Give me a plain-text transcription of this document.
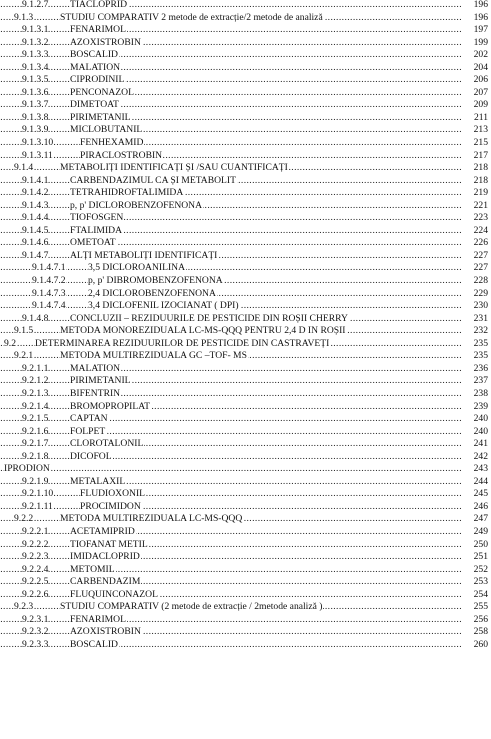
.....
9.1.2.7 TIACLOPRID	196
.....
9.1.3	STUDIU COMPARATIV 2 metode de extracție/2 metode de analiză	196
.....
9.1.3.1 FENARIMOL	197
.....
9.1.3.2 AZOXISTROBIN	199
.....
9.1.3.3 BOSCALID	202
.....
9.1.3.4 MALATION	204
.....
9.1.3.5 CIPRODINIL	206
.....
9.1.3.6 PENCONAZOL	207
.....
9.1.3.7 DIMETOAT	209
.....
9.1.3.8 PIRIMETANIL	211
.....
9.1.3.9 MICLOBUTANIL	213
.....
9.1.3.10	FENHEXAMID	215
.....
9.1.3.11	PIRACLOSTROBIN	217
.....
9.1.4	METABOLIȚI IDENTIFICAȚI ȘI /SAU CUANTIFICAȚI	218
.....
9.1.4.1 CARBENDAZIMUL CA ȘI METABOLIT	218
.....
9.1.4.2 TETRAHIDROFTALIMIDA	219
.....
9.1.4.3 p, p' DICLOROBENZOFENONA	221
.....
9.1.4.4 TIOFOSGEN	223
.....
9.1.4.5 FTALIMIDA	224
.....
9.1.4.6 OMETOAT	226
.....
9.1.4.7 ALȚI METABOLIȚI IDENTIFICAȚI	227
.....
9.1.4.7.1 3,5 DICLOROANILINA	227
.....
9.1.4.7.2 p, p' DIBROMOBENZOFENONA	228
.....
9.1.4.7.3 2,4 DICLOROBENZOFENONA	229
.....
9.1.4.7.4 3,4 DICLOFENIL IZOCIANAT ( DPI)	230
.....
9.1.4.8 CONCLUZII – REZIDUURILE DE PESTICIDE DIN ROȘII CHERRY	231
.....
9.1.5	METODA MONOREZIDUALA LC-MS-QQQ PENTRU 2,4 D IN ROȘII	232
.....
9.2 DETERMINAREA REZIDUURILOR DE PESTICIDE DIN CASTRAVEȚI	235
.....
9.2.1	METODA MULTIREZIDUALA GC –TOF- MS	235
.....
9.2.1.1 MALATION	236
.....
9.2.1.2 PIRIMETANIL	237
.....
9.2.1.3 BIFENTRIN	238
.....
9.2.1.4 BROMOPROPILAT	239
.....
9.2.1.5 CAPTAN	240
.....
9.2.1.6 FOLPET	240
.....
9.2.1.7 CLOROTALONIL	241
.....
9.2.1.8 DICOFOL	242
.....
IPRODION	243
.....
9.2.1.9 METALAXIL	244
.....
9.2.1.10	FLUDIOXONIL	245
.....
9.2.1.11	PROCIMIDON	246
.....
9.2.2	METODA MULTIREZIDUALA LC-MS-QQQ	247
.....
9.2.2.1 ACETAMIPRID	249
.....
9.2.2.2 TIOFANAT METIL	250
.....
9.2.2.3 IMIDACLOPRID	251
.....
9.2.2.4 METOMIL	252
.....
9.2.2.5 CARBENDAZIM	253
.....
9.2.2.6 FLUQUINCONAZOL	254
.....
9.2.3	STUDIU COMPARATIV (2 metode de extracție / 2metode analiză )	255
.....
9.2.3.1 FENARIMOL	256
.....
9.2.3.2 AZOXISTROBIN	258
.....
9.2.3.3 BOSCALID	260
